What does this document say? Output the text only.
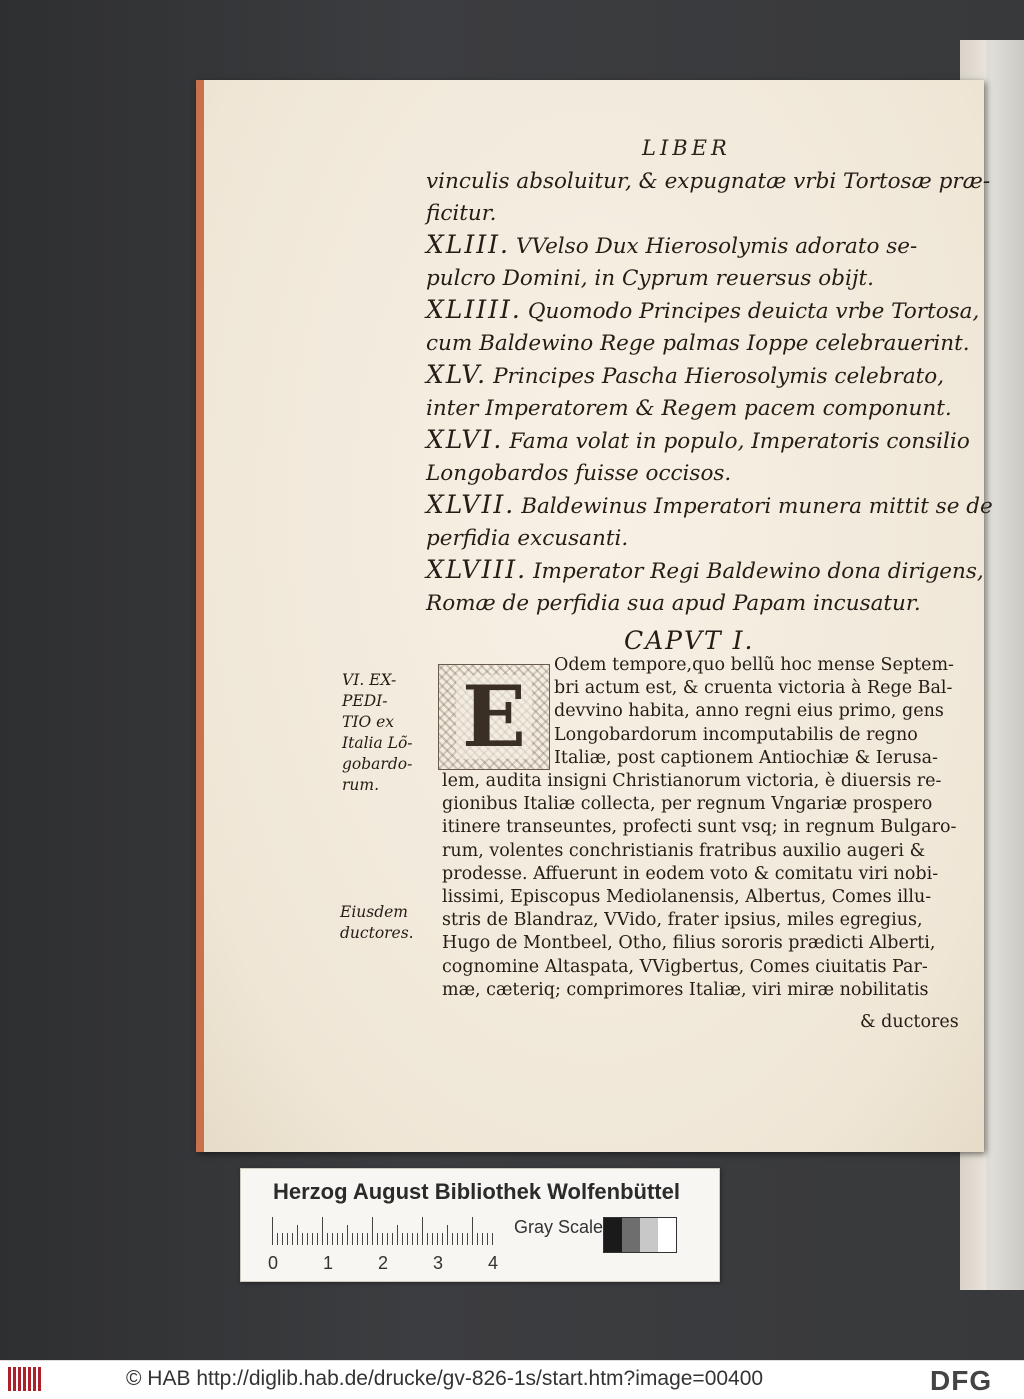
LIBER
vinculis absoluitur, & expugnatæ vrbi Tortosæ præ-
ficitur.
XLIII. VVelso Dux Hierosolymis adorato se-
pulcro Domini, in Cyprum reuersus obijt.
XLIIII. Quomodo Principes deuicta vrbe Tortosa,
cum Baldewino Rege palmas Ioppe celebrauerint.
XLV. Principes Pascha Hierosolymis celebrato,
inter Imperatorem & Regem pacem componunt.
XLVI. Fama volat in populo, Imperatoris consilio
Longobardos fuisse occisos.
XLVII. Baldewinus Imperatori munera mittit se de
perfidia excusanti.
XLVIII. Imperator Regi Baldewino dona dirigens,
Romæ de perfidia sua apud Papam incusatur.
CAPVT I.
VI. EX-
PEDI-
TIO ex
Italia Lõ-
gobardo-
rum.
Eiusdem
ductores.
E
Odem tempore,quo bellũ hoc mense Septem-
bri actum est, & cruenta victoria à Rege Bal-
devvino habita, anno regni eius primo, gens
Longobardorum incomputabilis de regno
Italiæ, post captionem Antiochiæ & Ierusa-
lem, audita insigni Christianorum victoria, è diuersis re-
gionibus Italiæ collecta, per regnum Vngariæ prospero
itinere transeuntes, profecti sunt vsq; in regnum Bulgaro-
rum, volentes conchristianis fratribus auxilio augeri &
prodesse. Affuerunt in eodem voto & comitatu viri nobi-
lissimi, Episcopus Mediolanensis, Albertus, Comes illu-
stris de Blandraz, VVido, frater ipsius, miles egregius,
Hugo de Montbeel, Otho, filius sororis prædicti Alberti,
cognomine Altaspata, VVigbertus, Comes ciuitatis Par-
mæ, cæteriq; comprimores Italiæ, viri miræ nobilitatis
& ductores
Herzog August Bibliothek Wolfenbüttel
0 1 2 3 4
Gray Scale
© HAB http://diglib.hab.de/drucke/gv-826-1s/start.htm?image=00400	DFG
